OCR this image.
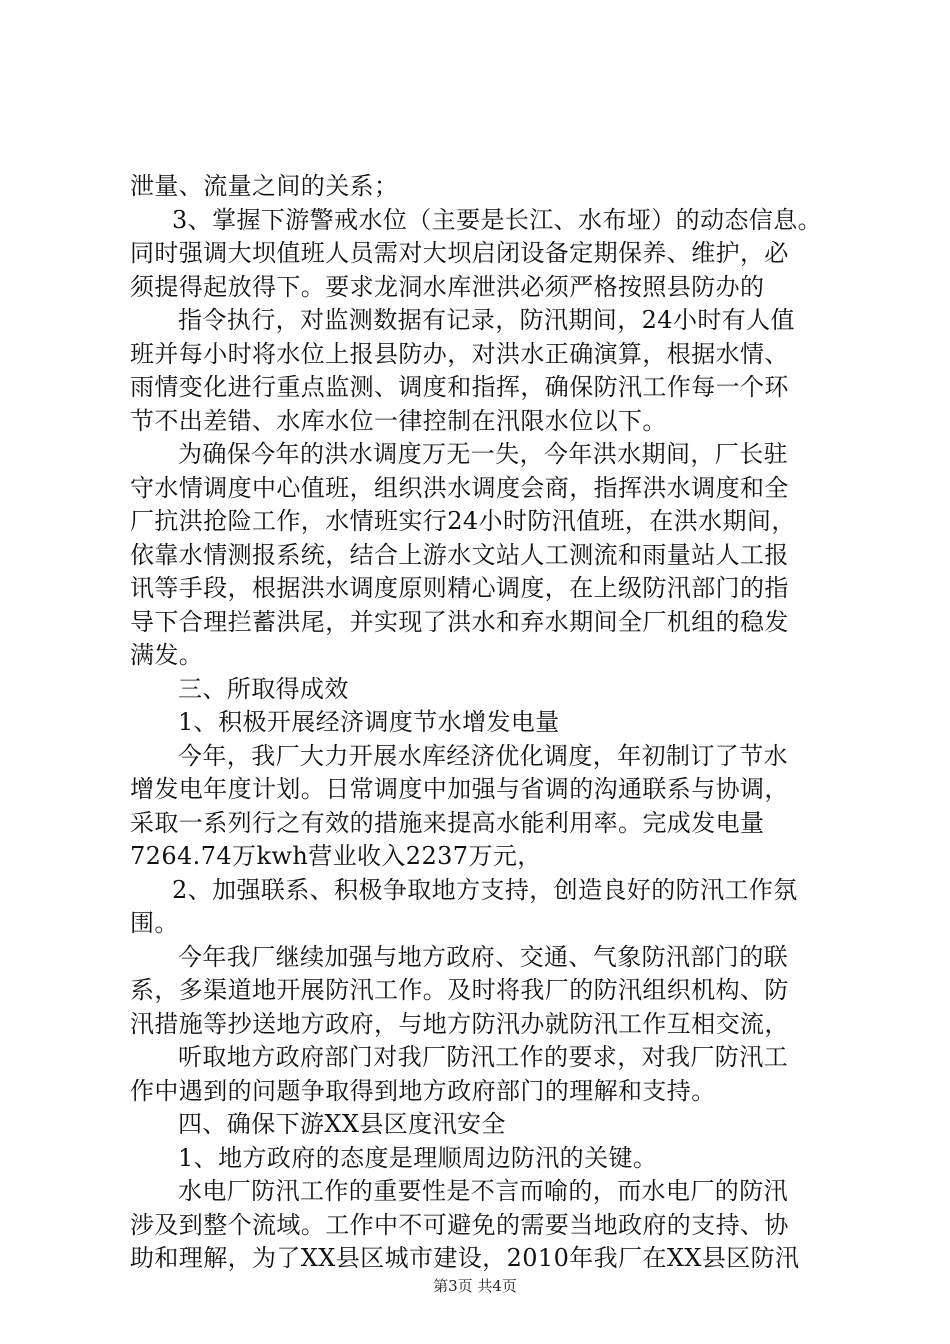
泄量、流量之间的关系；
3、掌握下游警戒水位（主要是长江、水布垭）的动态信息。
同时强调大坝值班人员需对大坝启闭设备定期保养、维护，必
须提得起放得下。要求龙洞水库泄洪必须严格按照县防办的
指令执行，对监测数据有记录，防汛期间，24小时有人值
班并每小时将水位上报县防办，对洪水正确演算，根据水情、
雨情变化进行重点监测、调度和指挥，确保防汛工作每一个环
节不出差错、水库水位一律控制在汛限水位以下。
为确保今年的洪水调度万无一失，今年洪水期间，厂长驻
守水情调度中心值班，组织洪水调度会商，指挥洪水调度和全
厂抗洪抢险工作，水情班实行24小时防汛值班，在洪水期间，
依靠水情测报系统，结合上游水文站人工测流和雨量站人工报
讯等手段，根据洪水调度原则精心调度，在上级防汛部门的指
导下合理拦蓄洪尾，并实现了洪水和弃水期间全厂机组的稳发
满发。
三、所取得成效
1、积极开展经济调度节水增发电量
今年，我厂大力开展水库经济优化调度，年初制订了节水
增发电年度计划。日常调度中加强与省调的沟通联系与协调，
采取一系列行之有效的措施来提高水能利用率。完成发电量
7264.74万kwh营业收入2237万元，
2、加强联系、积极争取地方支持，创造良好的防汛工作氛
围。
今年我厂继续加强与地方政府、交通、气象防汛部门的联
系，多渠道地开展防汛工作。及时将我厂的防汛组织机构、防
汛措施等抄送地方政府，与地方防汛办就防汛工作互相交流，
听取地方政府部门对我厂防汛工作的要求，对我厂防汛工
作中遇到的问题争取得到地方政府部门的理解和支持。
四、确保下游XX县区度汛安全
1、地方政府的态度是理顺周边防汛的关键。
水电厂防汛工作的重要性是不言而喻的，而水电厂的防汛
涉及到整个流域。工作中不可避免的需要当地政府的支持、协
助和理解，为了XX县区城市建设，2010年我厂在XX县区防汛
第3页 共4页
